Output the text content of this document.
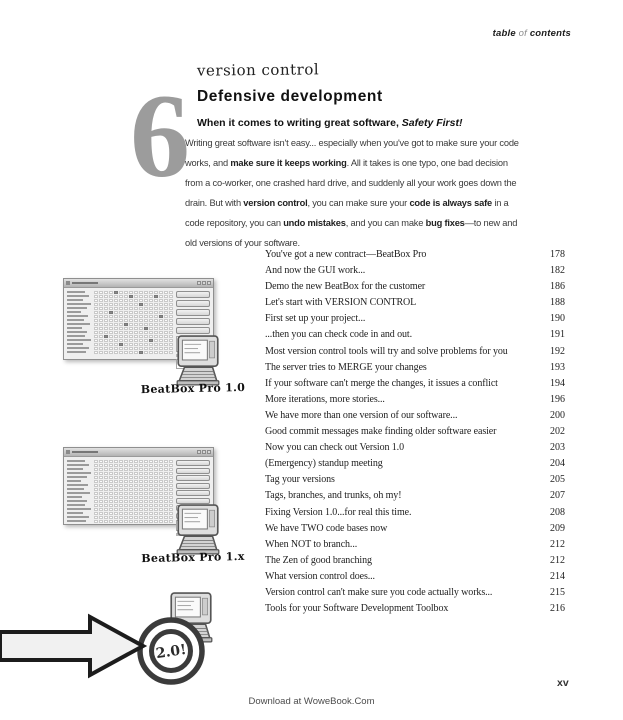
table of contents
6 version control
Defensive development
When it comes to writing great software, Safety First!
Writing great software isn't easy... especially when you've got to make sure your code
works, and make sure it keeps working. All it takes is one typo, one bad decision
from a co-worker, one crashed hard drive, and suddenly all your work goes down the
drain. But with version control, you can make sure your code is always safe in a
code repository, you can undo mistakes, and you can make bug fixes—to new and
old versions of your software.
You've got a new contract—BeatBox Pro	178
And now the GUI work...	182
Demo the new BeatBox for the customer	186
Let's start with VERSION CONTROL	188
First set up your project...	190
...then you can check code in and out.	191
Most version control tools will try and solve problems for you	192
The server tries to MERGE your changes	193
If your software can't merge the changes, it issues a conflict	194
More iterations, more stories...	196
We have more than one version of our software...	200
Good commit messages make finding older software easier	202
Now you can check out Version 1.0	203
(Emergency) standup meeting	204
Tag your versions	205
Tags, branches, and trunks, oh my!	207
Fixing Version 1.0...for real this time.	208
We have TWO code bases now	209
When NOT to branch...	212
The Zen of good branching	212
What version control does...	214
Version control can't make sure you code actually works...	215
Tools for your Software Development Toolbox	216
BeatBox Pro 1.0
BeatBox Pro 1.x
2.0!
Download at WoweBook.Com
xv
